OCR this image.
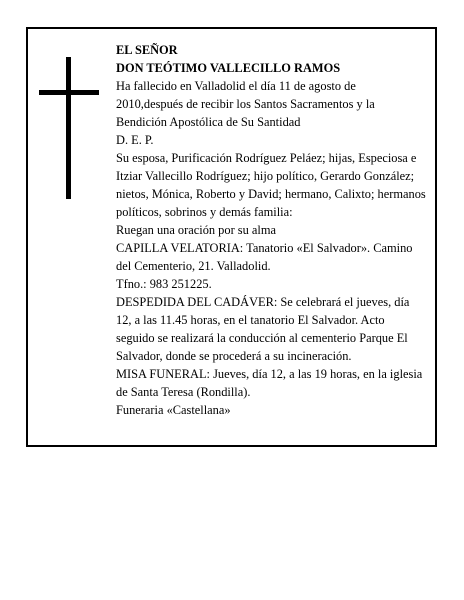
EL SEÑOR

DON TEÓTIMO VALLECILLO RAMOS

Ha fallecido en Valladolid el día 11 de agosto de 2010,después de recibir los Santos Sacramentos y la Bendición Apostólica de Su Santidad

D. E. P.

Su esposa, Purificación Rodríguez Peláez; hijas, Especiosa e Itziar Vallecillo Rodríguez; hijo político, Gerardo González; nietos, Mónica, Roberto y David; hermano, Calixto; hermanos políticos, sobrinos y demás familia:

Ruegan una oración por su alma

CAPILLA VELATORIA: Tanatorio «El Salvador». Camino del Cementerio, 21. Valladolid.

Tfno.: 983 251225.

DESPEDIDA DEL CADÁVER: Se celebrará el jueves, día 12, a las 11.45 horas, en el tanatorio El Salvador. Acto seguido se realizará la conducción al cementerio Parque El Salvador, donde se procederá a su incineración.

MISA FUNERAL: Jueves, día 12, a las 19 horas, en la iglesia de Santa Teresa (Rondilla).

Funeraria «Castellana»
